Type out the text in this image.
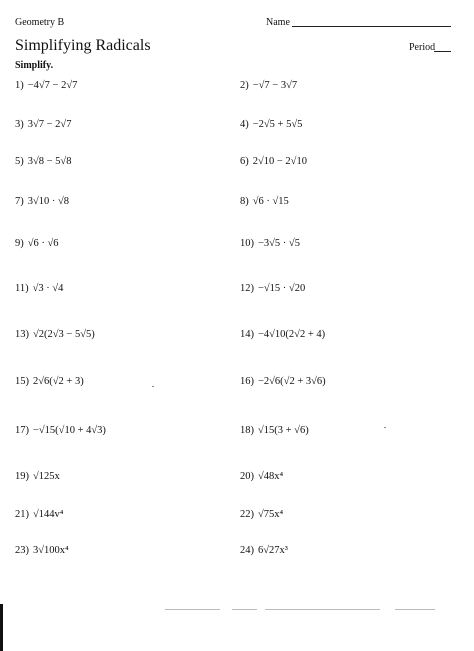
Geometry B	Name
Simplifying Radicals	Period
Simplify.
1) −4√7 − 2√7
3) 3√7 − 2√7
5) 3√8 − 5√8
7) 3√10 · √8
9) √6 · √6
11) √3 · √4
13) √2(2√3 − 5√5)
15) 2√6(√2 + 3)
17) −√15(√10 + 4√3)
19) √125x
21) √144v⁴
23) 3√100x⁴
2) −√7 − 3√7
4) −2√5 + 5√5
6) 2√10 − 2√10
8) √6 · √15
10) −3√5 · √5
12) −√15 · √20
14) −4√10(2√2 + 4)
16) −2√6(√2 + 3√6)
18) √15(3 + √6)
20) √48x⁴
22) √75x⁴
24) 6√27x³
